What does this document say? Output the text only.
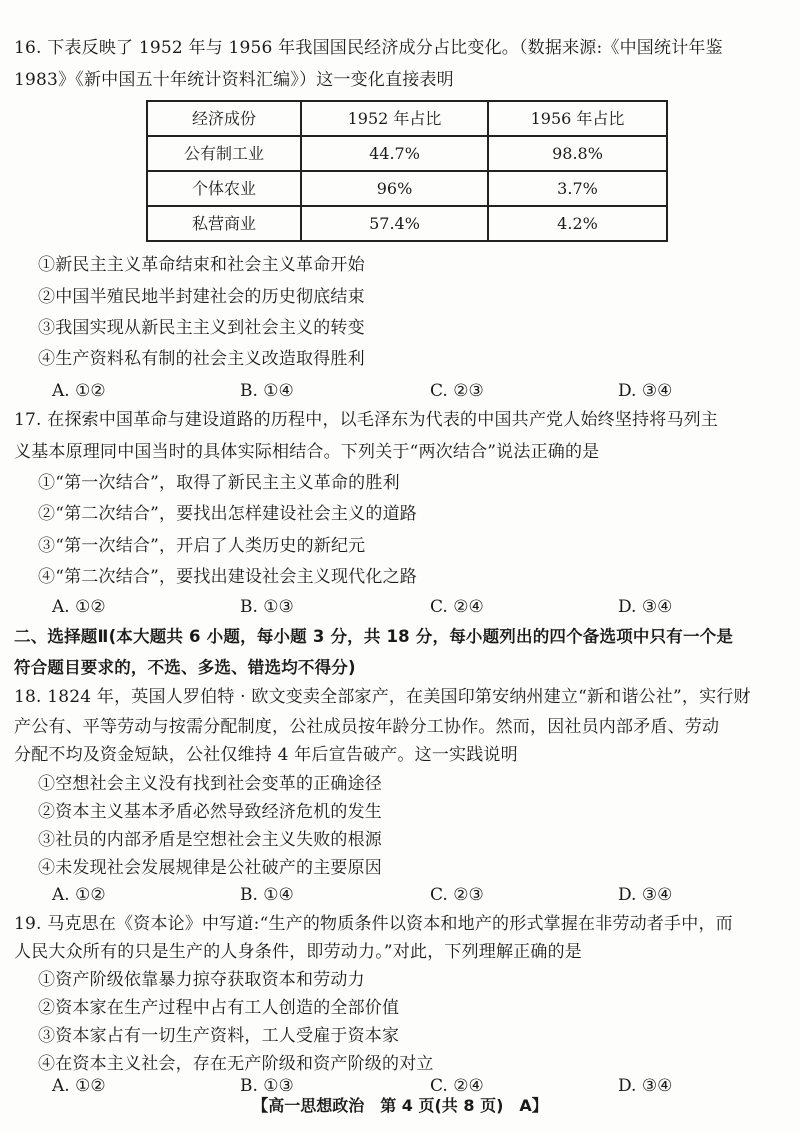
16. 下表反映了 1952 年与 1956 年我国国民经济成分占比变化。（数据来源:《中国统计年鉴
1983》《新中国五十年统计资料汇编》）这一变化直接表明
经济成份	1952 年占比	1956 年占比
公有制工业	44.7%	98.8%
个体农业	96%	3.7%
私营商业	57.4%	4.2%
①新民主主义革命结束和社会主义革命开始
②中国半殖民地半封建社会的历史彻底结束
③我国实现从新民主主义到社会主义的转变
④生产资料私有制的社会主义改造取得胜利
A. ①②	B. ①④	C. ②③	D. ③④
17. 在探索中国革命与建设道路的历程中，以毛泽东为代表的中国共产党人始终坚持将马列主
义基本原理同中国当时的具体实际相结合。下列关于“两次结合”说法正确的是
①“第一次结合”，取得了新民主主义革命的胜利
②“第二次结合”，要找出怎样建设社会主义的道路
③“第一次结合”，开启了人类历史的新纪元
④“第二次结合”，要找出建设社会主义现代化之路
A. ①②	B. ①③	C. ②④	D. ③④
二、选择题Ⅱ(本大题共 6 小题，每小题 3 分，共 18 分，每小题列出的四个备选项中只有一个是
符合题目要求的，不选、多选、错选均不得分)
18. 1824 年，英国人罗伯特 · 欧文变卖全部家产，在美国印第安纳州建立“新和谐公社”，实行财
产公有、平等劳动与按需分配制度，公社成员按年龄分工协作。然而，因社员内部矛盾、劳动
分配不均及资金短缺，公社仅维持 4 年后宣告破产。这一实践说明
①空想社会主义没有找到社会变革的正确途径
②资本主义基本矛盾必然导致经济危机的发生
③社员的内部矛盾是空想社会主义失败的根源
④未发现社会发展规律是公社破产的主要原因
A. ①②	B. ①④	C. ②③	D. ③④
19. 马克思在《资本论》中写道:“生产的物质条件以资本和地产的形式掌握在非劳动者手中，而
人民大众所有的只是生产的人身条件，即劳动力。”对此，下列理解正确的是
①资产阶级依靠暴力掠夺获取资本和劳动力
②资本家在生产过程中占有工人创造的全部价值
③资本家占有一切生产资料，工人受雇于资本家
④在资本主义社会，存在无产阶级和资产阶级的对立
A. ①②	B. ①③	C. ②④	D. ③④
【高一思想政治　第 4 页(共 8 页)　A】
